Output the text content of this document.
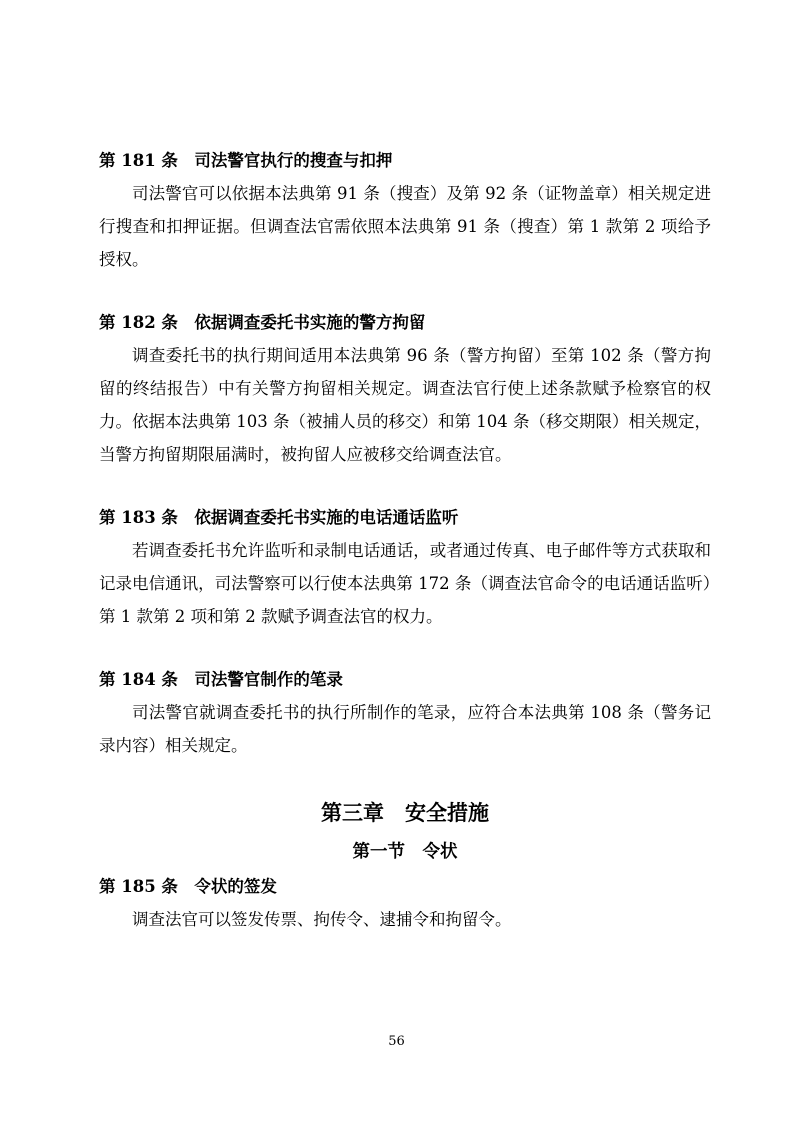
第 181 条　司法警官执行的搜查与扣押

司法警官可以依据本法典第 91 条（搜查）及第 92 条（证物盖章）相关规定进行搜查和扣押证据。但调查法官需依照本法典第 91 条（搜查）第 1 款第 2 项给予授权。

第 182 条　依据调查委托书实施的警方拘留

调查委托书的执行期间适用本法典第 96 条（警方拘留）至第 102 条（警方拘留的终结报告）中有关警方拘留相关规定。调查法官行使上述条款赋予检察官的权力。依据本法典第 103 条（被捕人员的移交）和第 104 条（移交期限）相关规定，当警方拘留期限届满时，被拘留人应被移交给调查法官。

第 183 条　依据调查委托书实施的电话通话监听

若调查委托书允许监听和录制电话通话，或者通过传真、电子邮件等方式获取和记录电信通讯，司法警察可以行使本法典第 172 条（调查法官命令的电话通话监听）第 1 款第 2 项和第 2 款赋予调查法官的权力。

第 184 条　司法警官制作的笔录

司法警官就调查委托书的执行所制作的笔录，应符合本法典第 108 条（警务记录内容）相关规定。

第三章　安全措施
第一节　令状
第 185 条　令状的签发

调查法官可以签发传票、拘传令、逮捕令和拘留令。

56
